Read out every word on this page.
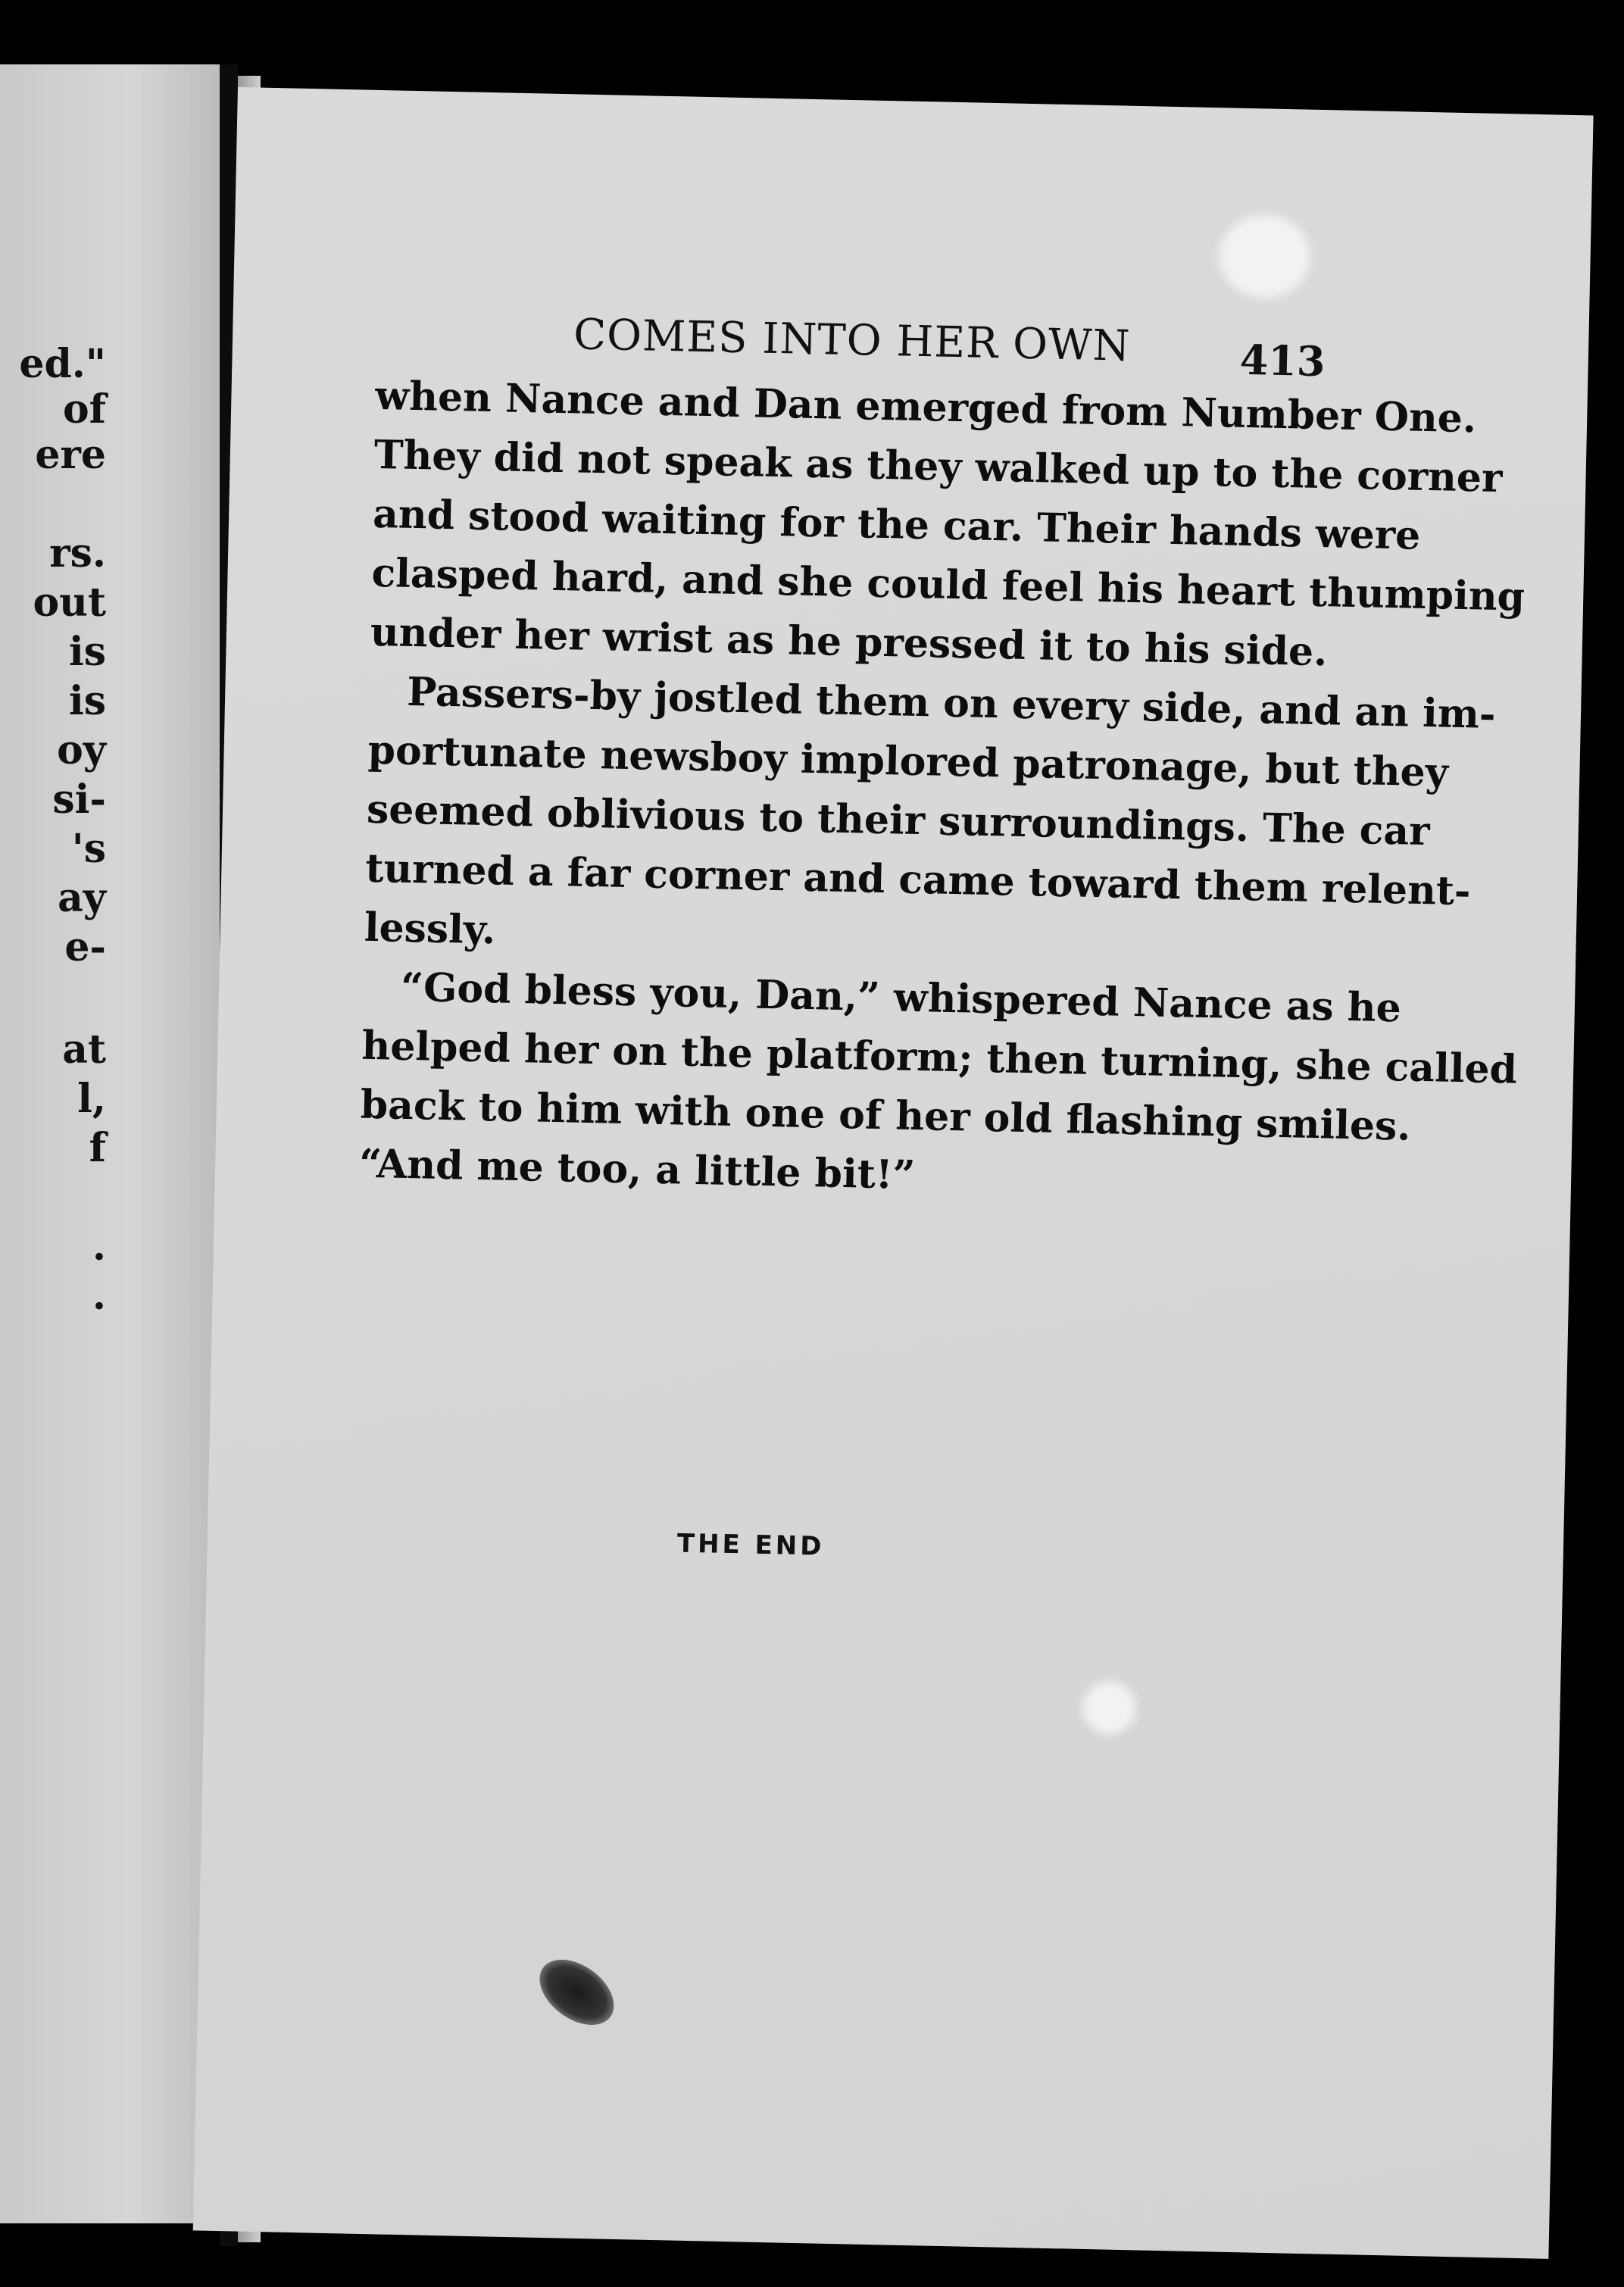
ed."
of
ere
rs.
out
is
is
oy
si-
's
ay
e-
at
l,
f
.
.
COMES INTO HER OWN	413
when Nance and Dan emerged from Number One.
They did not speak as they walked up to the corner
and stood waiting for the car. Their hands were
clasped hard, and she could feel his heart thumping
under her wrist as he pressed it to his side.
Passers-by jostled them on every side, and an im-
portunate newsboy implored patronage, but they
seemed oblivious to their surroundings. The car
turned a far corner and came toward them relent-
lessly.
“God bless you, Dan,” whispered Nance as he
helped her on the platform; then turning, she called
back to him with one of her old flashing smiles.
“And me too, a little bit!”
THE END
